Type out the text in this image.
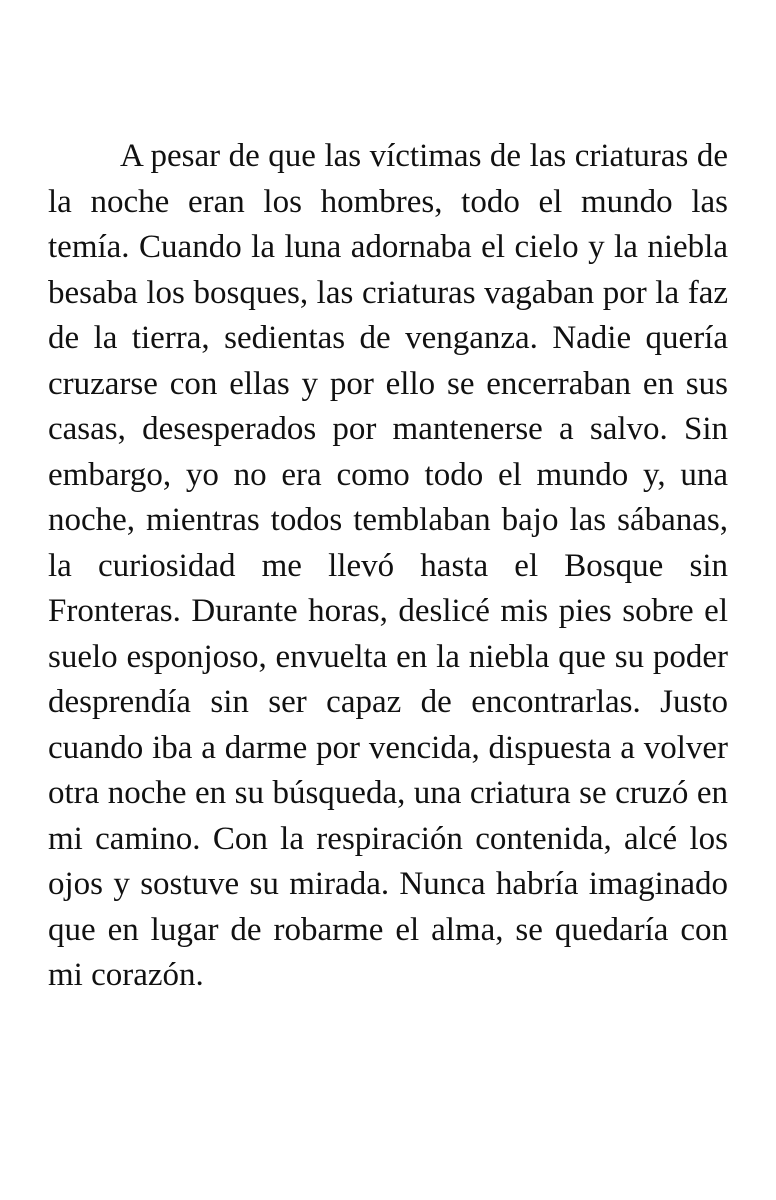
A pesar de que las víctimas de las criaturas de la noche eran los hombres, todo el mundo las temía. Cuando la luna adornaba el cielo y la niebla besaba los bosques, las criaturas vagaban por la faz de la tierra, sedientas de venganza. Nadie quería cruzarse con ellas y por ello se encerraban en sus casas, desesperados por mantenerse a salvo. Sin embargo, yo no era como todo el mundo y, una noche, mientras todos temblaban bajo las sábanas, la curiosidad me llevó hasta el Bosque sin Fronteras. Durante horas, deslicé mis pies sobre el suelo esponjoso, envuelta en la niebla que su poder desprendía sin ser capaz de encontrarlas. Justo cuando iba a darme por vencida, dispuesta a volver otra noche en su búsqueda, una criatura se cruzó en mi camino. Con la respiración contenida, alcé los ojos y sostuve su mirada. Nunca habría imaginado que en lugar de robarme el alma, se quedaría con mi corazón.
